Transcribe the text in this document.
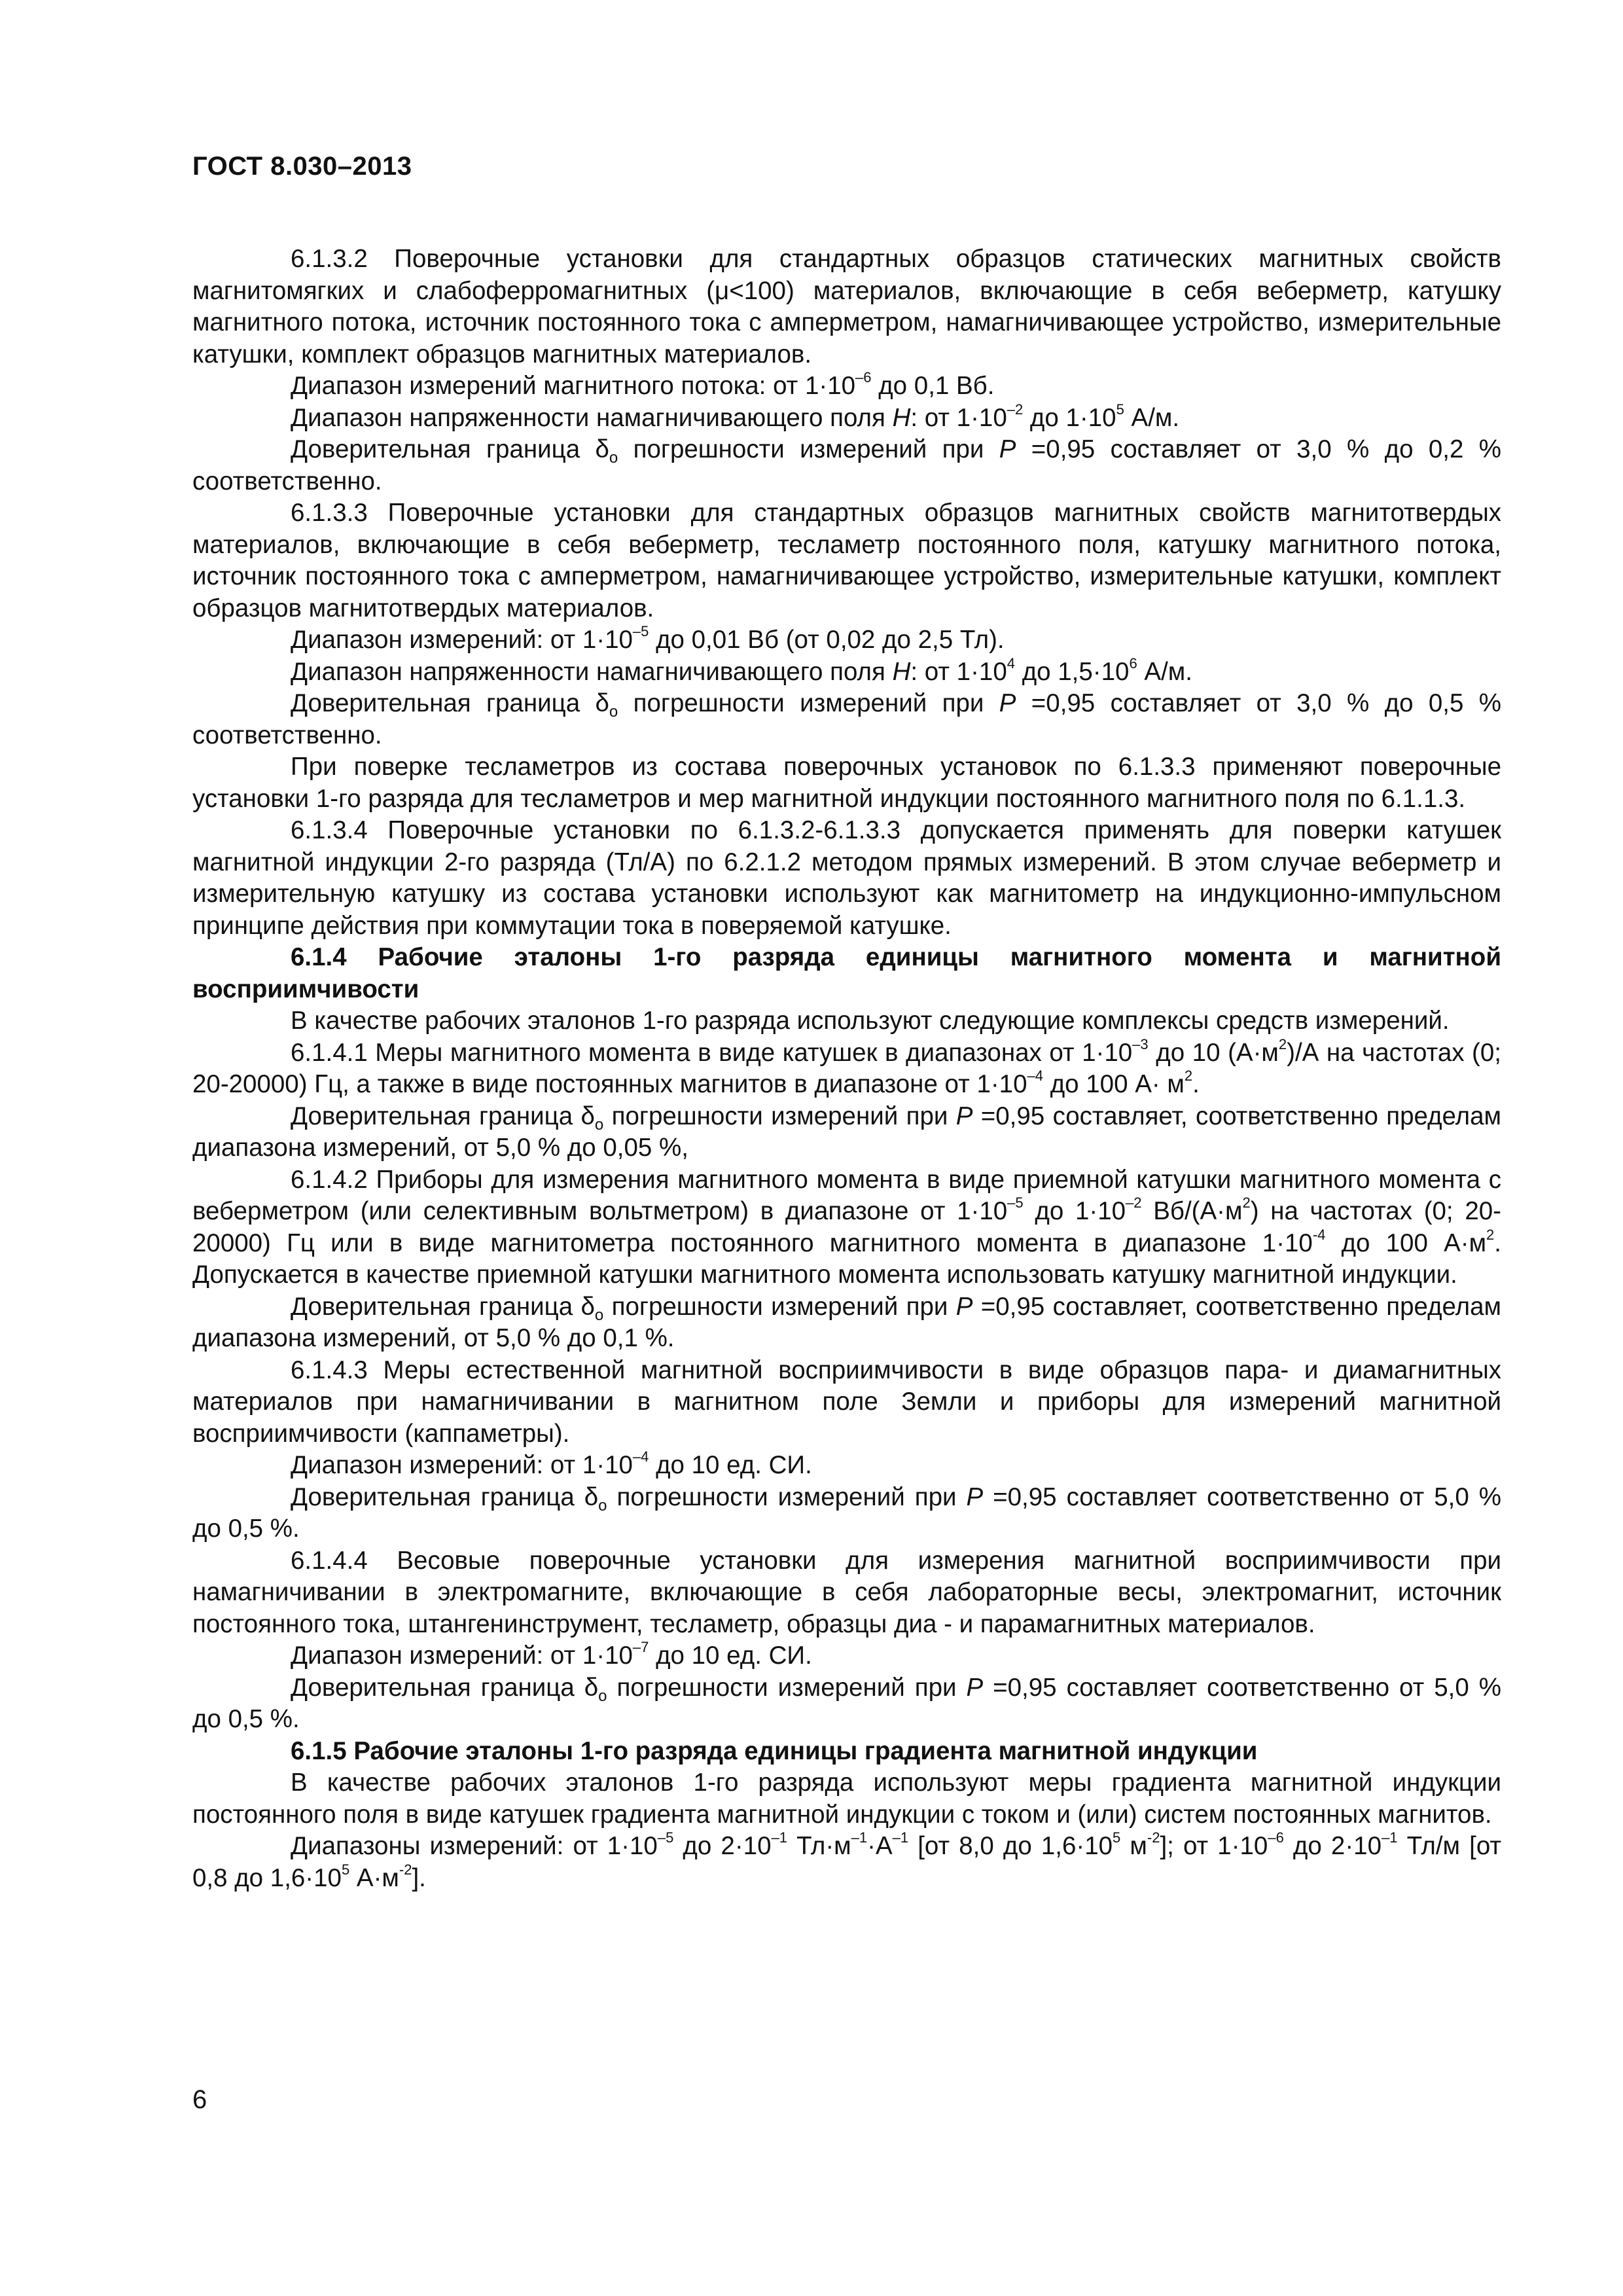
ГОСТ 8.030–2013

6.1.3.2 Поверочные установки для стандартных образцов статических магнитных свойств магнитомягких и слабоферромагнитных (μ<100) материалов, включающие в себя веберметр, катушку магнитного потока, источник постоянного тока с амперметром, намагничивающее устройство, измерительные катушки, комплект образцов магнитных материалов.

Диапазон измерений магнитного потока: от $1\cdot 10^{-6}$ до 0,1 Вб.

Диапазон напряженности намагничивающего поля H: от $1\cdot 10^{-2}$ до $1\cdot 10^5$ А/м.

Доверительная граница $\delta_о$ погрешности измерений при P =0,95 составляет от 3,0 % до 0,2 % соответственно.

6.1.3.3 Поверочные установки для стандартных образцов магнитных свойств магнитотвердых материалов, включающие в себя веберметр, тесламетр постоянного поля, катушку магнитного потока, источник постоянного тока с амперметром, намагничивающее устройство, измерительные катушки, комплект образцов магнитотвердых материалов.

Диапазон измерений: от $1\cdot 10^{-5}$ до 0,01 Вб (от 0,02 до 2,5 Тл).

Диапазон напряженности намагничивающего поля H: от $1\cdot 10^4$ до $1,5\cdot 10^6$ А/м.

Доверительная граница $\delta_о$ погрешности измерений при P =0,95 составляет от 3,0 % до 0,5 % соответственно.

При поверке тесламетров из состава поверочных установок по 6.1.3.3 применяют поверочные установки 1-го разряда для тесламетров и мер магнитной индукции постоянного магнитного поля по 6.1.1.3.

6.1.3.4 Поверочные установки по 6.1.3.2-6.1.3.3 допускается применять для поверки катушек магнитной индукции 2-го разряда (Тл/А) по 6.2.1.2 методом прямых измерений. В этом случае веберметр и измерительную катушку из состава установки используют как магнитометр на индукционно-импульсном принципе действия при коммутации тока в поверяемой катушке.

6.1.4 Рабочие эталоны 1-го разряда единицы магнитного момента и магнитной восприимчивости

В качестве рабочих эталонов 1-го разряда используют следующие комплексы средств измерений.

6.1.4.1 Меры магнитного момента в виде катушек в диапазонах от $1\cdot 10^{-3}$ до 10 $(А\cdot м^2)/А$ на частотах (0; 20-20000) Гц, а также в виде постоянных магнитов в диапазоне от $1\cdot 10^{-4}$ до 100 $А\cdot м^2$.

Доверительная граница $\delta_о$ погрешности измерений при P =0,95 составляет, соответственно пределам диапазона измерений, от 5,0 % до 0,05 %,

6.1.4.2 Приборы для измерения магнитного момента в виде приемной катушки магнитного момента с веберметром (или селективным вольтметром) в диапазоне от $1\cdot 10^{-5}$ до $1\cdot 10^{-2}$ $Вб/(А\cdot м^2)$ на частотах (0; 20-20000) Гц или в виде магнитометра постоянного магнитного момента в диапазоне $1\cdot 10^{-4}$ до 100 $А\cdot м^2$. Допускается в качестве приемной катушки магнитного момента использовать катушку магнитной индукции.

Доверительная граница $\delta_о$ погрешности измерений при P =0,95 составляет, соответственно пределам диапазона измерений, от 5,0 % до 0,1 %.

6.1.4.3 Меры естественной магнитной восприимчивости в виде образцов пара- и диамагнитных материалов при намагничивании в магнитном поле Земли и приборы для измерений магнитной восприимчивости (каппаметры).

Диапазон измерений: от $1\cdot 10^{-4}$ до 10 ед. СИ.

Доверительная граница $\delta_о$ погрешности измерений при P =0,95 составляет соответственно от 5,0 % до 0,5 %.

6.1.4.4 Весовые поверочные установки для измерения магнитной восприимчивости при намагничивании в электромагните, включающие в себя лабораторные весы, электромагнит, источник постоянного тока, штангенинструмент, тесламетр, образцы диа - и парамагнитных материалов.

Диапазон измерений: от $1\cdot 10^{-7}$ до 10 ед. СИ.

Доверительная граница $\delta_о$ погрешности измерений при P =0,95 составляет соответственно от 5,0 % до 0,5 %.

6.1.5 Рабочие эталоны 1-го разряда единицы градиента магнитной индукции

В качестве рабочих эталонов 1-го разряда используют меры градиента магнитной индукции постоянного поля в виде катушек градиента магнитной индукции с током и (или) систем постоянных магнитов.

Диапазоны измерений: от $1\cdot 10^{-5}$ до $2\cdot 10^{-1}$ $Тл\cdot м^{-1}\cdot А^{-1}$ [от 8,0 до $1,6\cdot 10^5$ $м^{-2}$]; от $1\cdot 10^{-6}$ до $2\cdot 10^{-1}$ Тл/м [от 0,8 до $1,6\cdot 10^5$ $А\cdot м^{-2}$].

6
